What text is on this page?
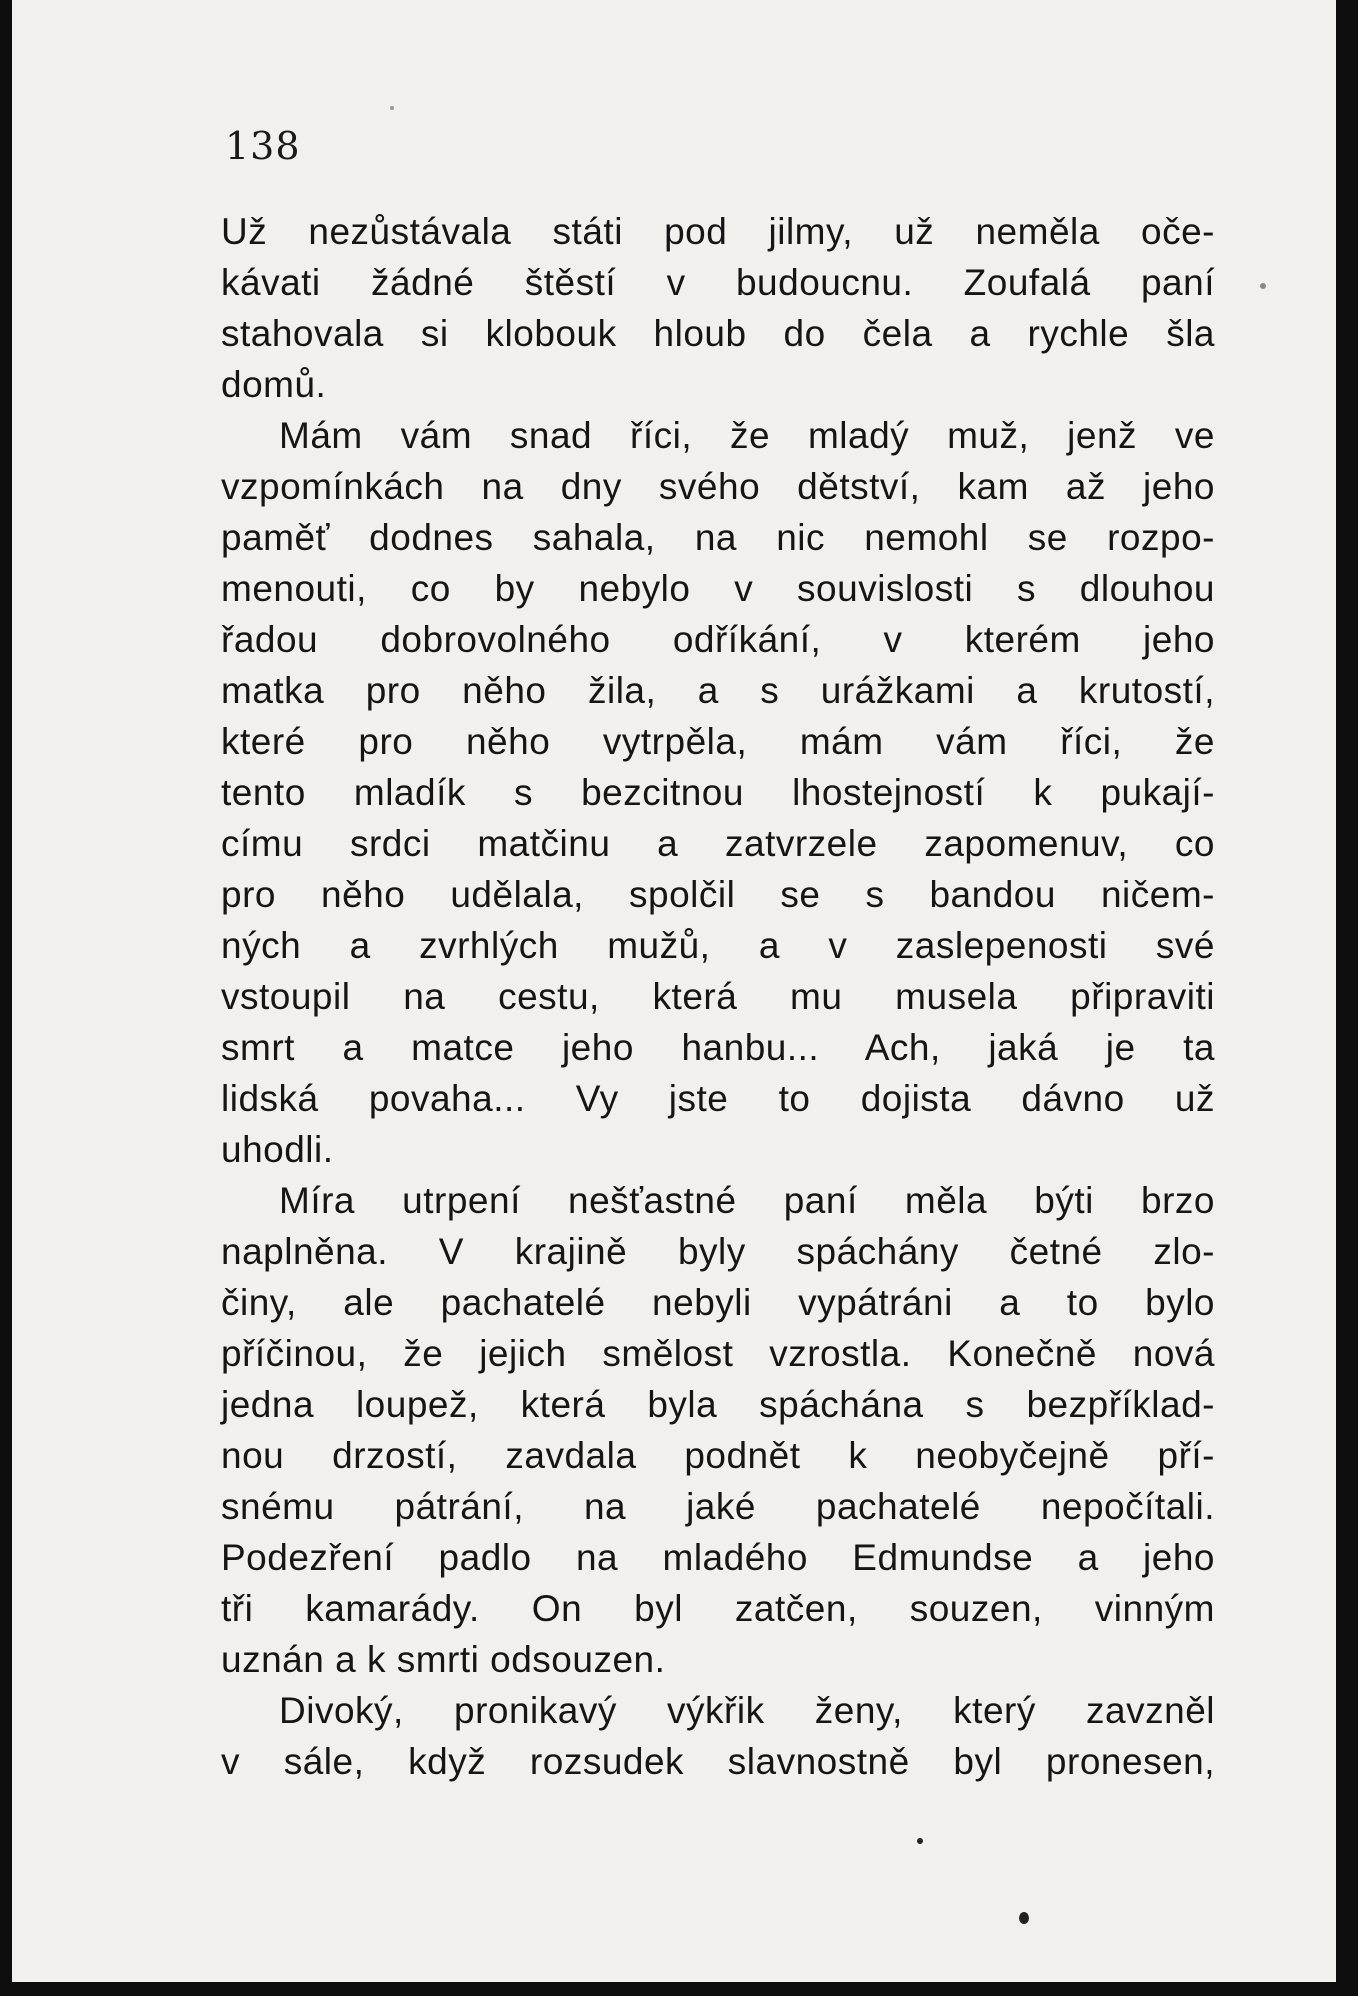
138
Už nezůstávala státi pod jilmy, už neměla oče-
kávati žádné štěstí v budoucnu. Zoufalá paní
stahovala si klobouk hloub do čela a rychle šla
domů.
Mám vám snad říci, že mladý muž, jenž ve
vzpomínkách na dny svého dětství, kam až jeho
paměť dodnes sahala, na nic nemohl se rozpo-
menouti, co by nebylo v souvislosti s dlouhou
řadou dobrovolného odříkání, v kterém jeho
matka pro něho žila, a s urážkami a krutostí,
které pro něho vytrpěla, mám vám říci, že
tento mladík s bezcitnou lhostejností k pukají-
címu srdci matčinu a zatvrzele zapomenuv, co
pro něho udělala, spolčil se s bandou ničem-
ných a zvrhlých mužů, a v zaslepenosti své
vstoupil na cestu, která mu musela připraviti
smrt a matce jeho hanbu... Ach, jaká je ta
lidská povaha... Vy jste to dojista dávno už
uhodli.
Míra utrpení nešťastné paní měla býti brzo
naplněna. V krajině byly spáchány četné zlo-
činy, ale pachatelé nebyli vypátráni a to bylo
příčinou, že jejich smělost vzrostla. Konečně nová
jedna loupež, která byla spáchána s bezpříklad-
nou drzostí, zavdala podnět k neobyčejně pří-
snému pátrání, na jaké pachatelé nepočítali.
Podezření padlo na mladého Edmundse a jeho
tři kamarády. On byl zatčen, souzen, vinným
uznán a k smrti odsouzen.
Divoký, pronikavý výkřik ženy, který zavzněl
v sále, když rozsudek slavnostně byl pronesen,
